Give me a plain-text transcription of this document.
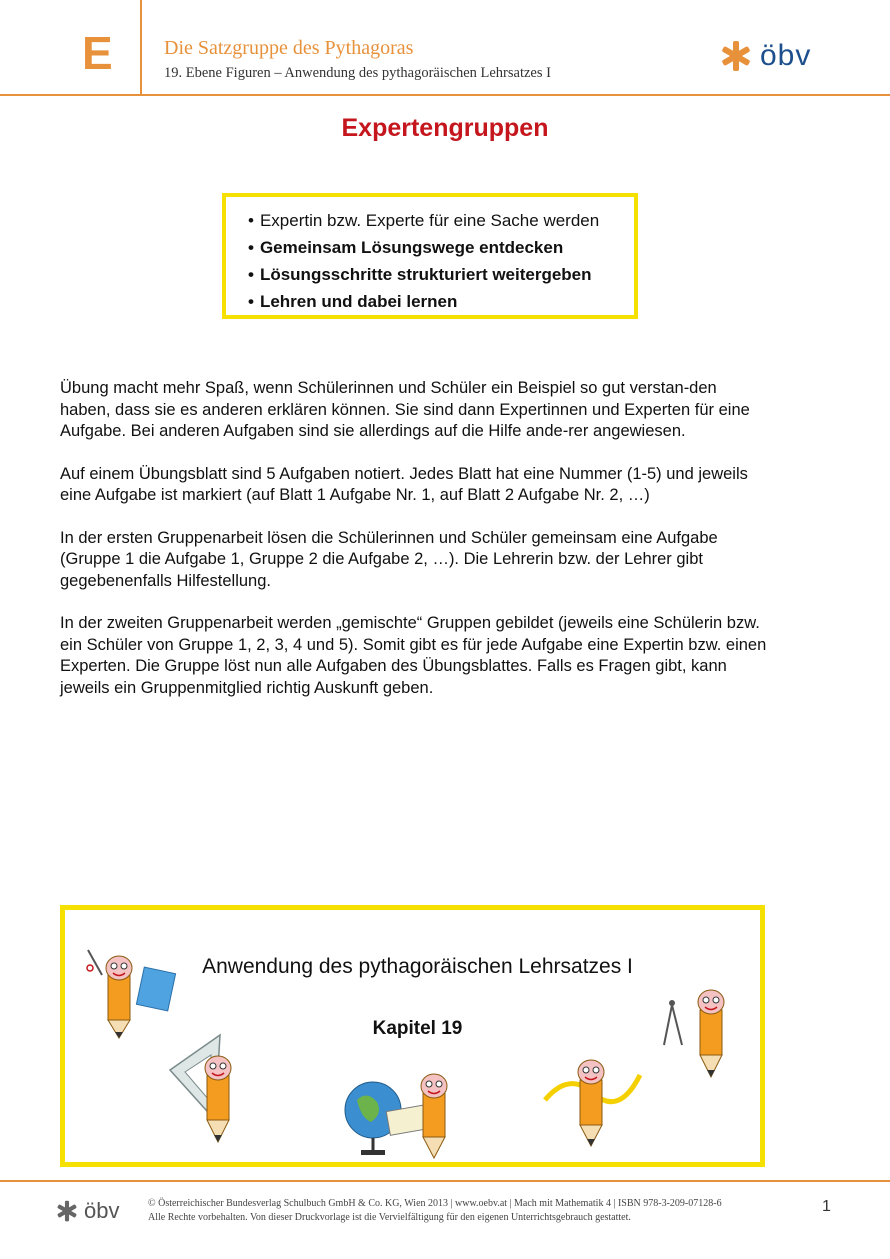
E	Die Satzgruppe des Pythagoras
19. Ebene Figuren – Anwendung des pythagoräischen Lehrsatzes I
öbv
Expertengruppen
• Expertin bzw. Experte für eine Sache werden
• Gemeinsam Lösungswege entdecken
• Lösungsschritte strukturiert weitergeben
• Lehren und dabei lernen

Übung macht mehr Spaß, wenn Schülerinnen und Schüler ein Beispiel so gut verstan-den haben, dass sie es anderen erklären können. Sie sind dann Expertinnen und Experten für eine Aufgabe. Bei anderen Aufgaben sind sie allerdings auf die Hilfe ande-rer angewiesen.

Auf einem Übungsblatt sind 5 Aufgaben notiert. Jedes Blatt hat eine Nummer (1-5) und jeweils eine Aufgabe ist markiert (auf Blatt 1 Aufgabe Nr. 1, auf Blatt 2 Aufgabe Nr. 2, …)

In der ersten Gruppenarbeit lösen die Schülerinnen und Schüler gemeinsam eine Aufgabe (Gruppe 1 die Aufgabe 1, Gruppe 2 die Aufgabe 2, …). Die Lehrerin bzw. der Lehrer gibt gegebenenfalls Hilfestellung.

In der zweiten Gruppenarbeit werden „gemischte“ Gruppen gebildet (jeweils eine Schülerin bzw. ein Schüler von Gruppe 1, 2, 3, 4 und 5). Somit gibt es für jede Aufgabe eine Expertin bzw. einen Experten. Die Gruppe löst nun alle Aufgaben des Übungsblattes. Falls es Fragen gibt, kann jeweils ein Gruppenmitglied richtig Auskunft geben.

Anwendung des pythagoräischen Lehrsatzes I
Kapitel 19
öbv	© Österreichischer Bundesverlag Schulbuch GmbH & Co. KG, Wien 2013 | www.oebv.at | Mach mit Mathematik 4 | ISBN 978-3-209-07128-6
Alle Rechte vorbehalten. Von dieser Druckvorlage ist die Vervielfältigung für den eigenen Unterrichtsgebrauch gestattet.
1
